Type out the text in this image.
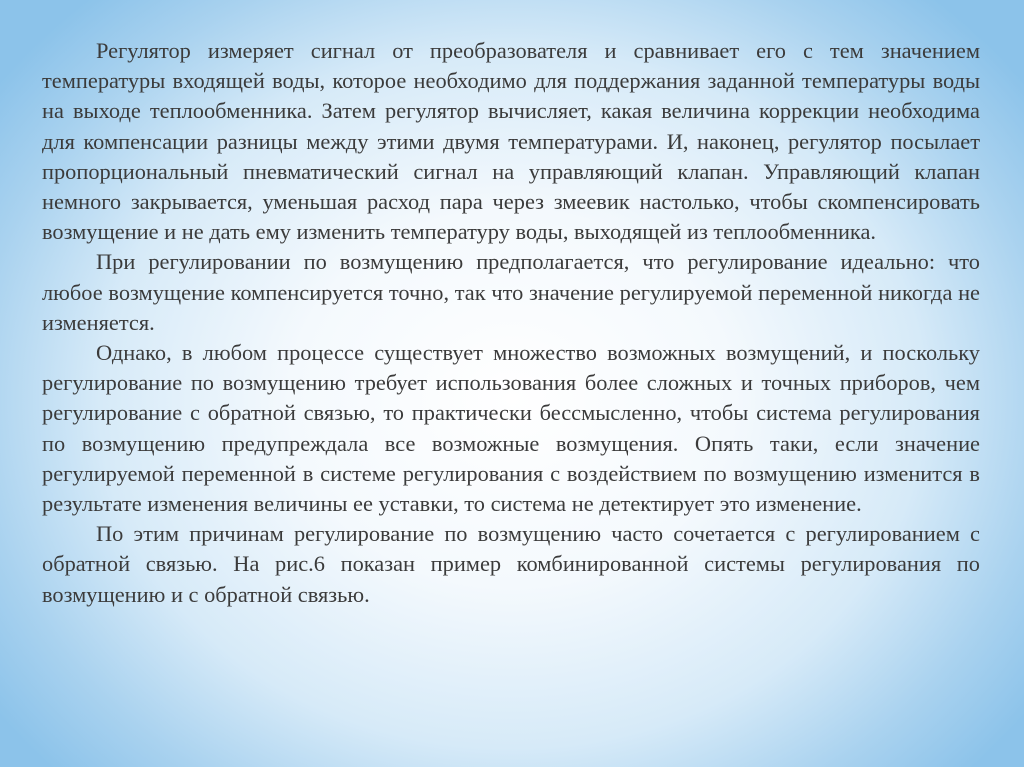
Регулятор измеряет сигнал от преобразователя и сравнивает его с тем значением температуры входящей воды, которое необходимо для поддержания заданной температуры воды на выходе теплообменника. Затем регулятор вычисляет, какая величина коррекции необходима для компенсации разницы между этими двумя температурами. И, наконец, регулятор посылает пропорциональный пневматический сигнал на управляющий клапан. Управляющий клапан немного закрывается, уменьшая расход пара через змеевик настолько, чтобы скомпенсировать возмущение и не дать ему изменить температуру воды, выходящей из теплообменника.

При регулировании по возмущению предполагается, что регулирование идеально: что любое возмущение компенсируется точно, так что значение регулируемой переменной никогда не изменяется.

Однако, в любом процессе существует множество возможных возмущений, и поскольку регулирование по возмущению требует использования более сложных и точных приборов, чем регулирование с обратной связью, то практически бессмысленно, чтобы система регулирования по возмущению предупреждала все возможные возмущения. Опять таки, если значение регулируемой переменной в системе регулирования с воздействием по возмущению изменится в результате изменения величины ее уставки, то система не детектирует это изменение.

По этим причинам регулирование по возмущению часто сочетается с регулированием с обратной связью. На рис.6 показан пример комбинированной системы регулирования по возмущению и с обратной связью.
